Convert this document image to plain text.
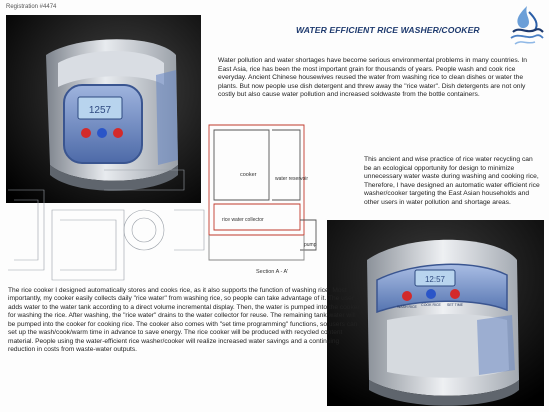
Registration #4474
WATER EFFICIENT RICE WASHER/COOKER
1257
cooker
water reservoir
rice water collector
pump
Section A - A'

Water pollution and water shortages have become serious environmental problems in many countries. In East Asia, rice has been the most important grain for thousands of years. People wash and cook rice everyday. Ancient Chinese housewives reused the water from washing rice to clean dishes or water the plants. But now people use dish detergent and threw away the "rice water". Dish detergents are not only costly but also cause water pollution and increased soldwaste from the bottle containers.

This ancient and wise practice of rice water recycling can be an ecological opportunity for design to minimize unnecessary water waste during washing and cooking rice, Therefore, I have designed an automatic water efficient rice washer/cooker targeting the East Asian households and other users in water pollution and shortage areas.

12:57
WASH RICE COOK RICE SET TIME

The rice cooker I designed automatically stores and cooks rice, as it also supports the function of washing rice. Most importantly, my cooker easily collects daily "rice water" from washing rice, so people can take advantage of it. The user adds water to the water tank according to a direct volume incremental display. Then, the water is pumped into the cooker for washing the rice. After washing, the "rice water" drains to the water collector for reuse. The remaining tank water will be pumped into the cooker for cooking rice. The cooker also comes with "set time programming" functions, so users can set up the wash/cook/warm time in advance to save energy. The rice cooker will be produced with recycled content material. People using the water-efficient rice washer/cooker will realize increased water savings and a continuing reduction in costs from waste-water outputs.
